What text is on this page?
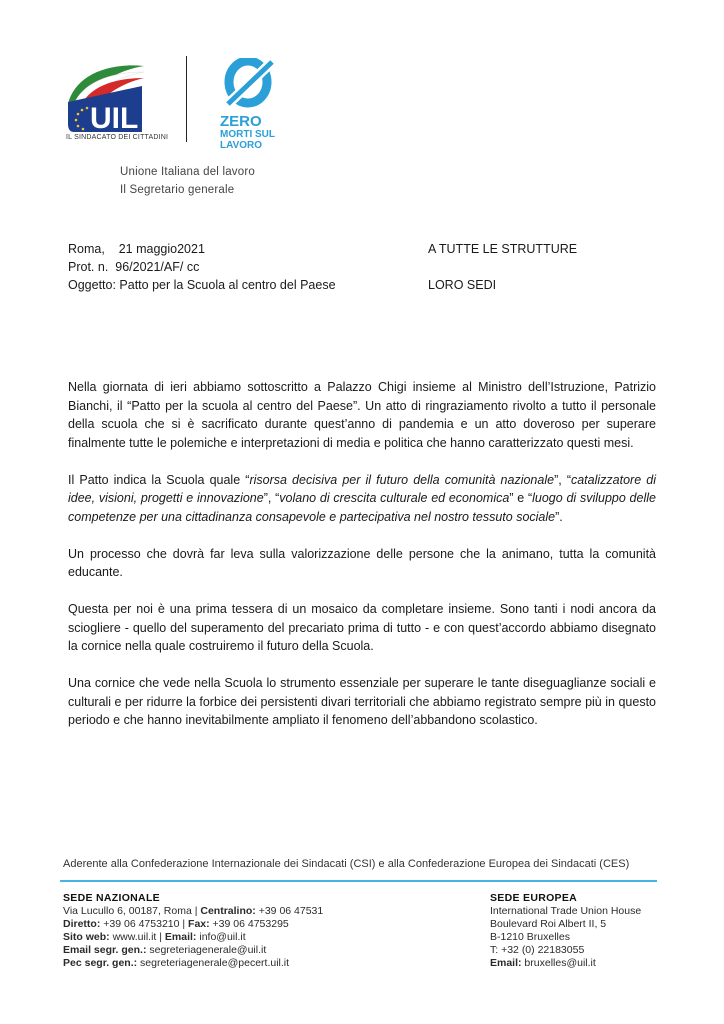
UIL
IL SINDACATO DEI CITTADINI
ZERO
MORTI SUL
LAVORO
Unione Italiana del lavoro
Il Segretario generale
Roma,    21 maggio2021
Prot. n.  96/2021/AF/ cc
Oggetto: Patto per la Scuola al centro del Paese
A TUTTE LE STRUTTURE
LORO SEDI

Nella giornata di ieri abbiamo sottoscritto a Palazzo Chigi insieme al Ministro dell’Istruzione, Patrizio Bianchi, il “Patto per la scuola al centro del Paese”. Un atto di ringraziamento rivolto a tutto il personale della scuola che si è sacrificato durante quest’anno di pandemia e un atto doveroso per superare finalmente tutte le polemiche e interpretazioni di media e politica che hanno caratterizzato questi mesi.

Il Patto indica la Scuola quale “risorsa decisiva per il futuro della comunità nazionale”, “catalizzatore di idee, visioni, progetti e innovazione”, “volano di crescita culturale ed economica” e “luogo di sviluppo delle competenze per una cittadinanza consapevole e partecipativa nel nostro tessuto sociale”.

Un processo che dovrà far leva sulla valorizzazione delle persone che la animano, tutta la comunità educante.

Questa per noi è una prima tessera di un mosaico da completare insieme. Sono tanti i nodi ancora da sciogliere - quello del superamento del precariato prima di tutto - e con quest’accordo abbiamo disegnato la cornice nella quale costruiremo il futuro della Scuola.

Una cornice che vede nella Scuola lo strumento essenziale per superare le tante diseguaglianze sociali e culturali e per ridurre la forbice dei persistenti divari territoriali che abbiamo registrato sempre più in questo periodo e che hanno inevitabilmente ampliato il fenomeno dell’abbandono scolastico.

Aderente alla Confederazione Internazionale dei Sindacati (CSI) e alla Confederazione Europea dei Sindacati (CES)
SEDE NAZIONALE
Via Lucullo 6, 00187, Roma | Centralino: +39 06 47531
Diretto: +39 06 4753210 | Fax: +39 06 4753295
Sito web: www.uil.it | Email: info@uil.it
Email segr. gen.: segreteriagenerale@uil.it
Pec segr. gen.: segreteriagenerale@pecert.uil.it
SEDE EUROPEA
International Trade Union House
Boulevard Roi Albert II, 5
B-1210 Bruxelles
T: +32 (0) 22183055
Email: bruxelles@uil.it
